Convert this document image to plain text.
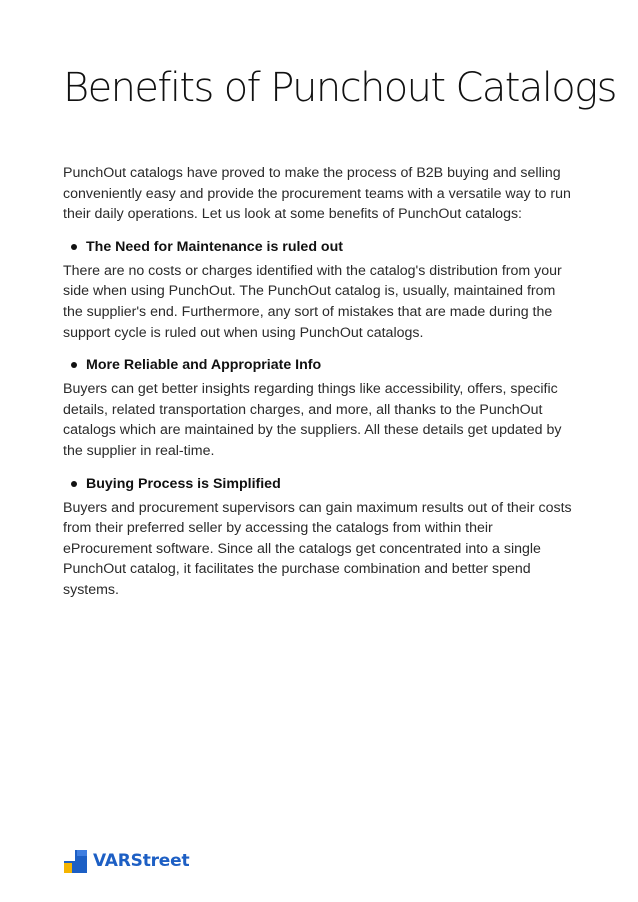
Benefits of Punchout Catalogs

PunchOut catalogs have proved to make the process of B2B buying and selling conveniently easy and provide the procurement teams with a versatile way to run their daily operations. Let us look at some benefits of PunchOut catalogs:

The Need for Maintenance is ruled out

There are no costs or charges identified with the catalog's distribution from your side when using PunchOut. The PunchOut catalog is, usually, maintained from the supplier's end. Furthermore, any sort of mistakes that are made during the support cycle is ruled out when using PunchOut catalogs.

More Reliable and Appropriate Info

Buyers can get better insights regarding things like accessibility, offers, specific details, related transportation charges, and more, all thanks to the PunchOut catalogs which are maintained by the suppliers. All these details get updated by the supplier in real-time.

Buying Process is Simplified

Buyers and procurement supervisors can gain maximum results out of their costs from their preferred seller by accessing the catalogs from within their eProcurement software. Since all the catalogs get concentrated into a single PunchOut catalog, it facilitates the purchase combination and better spend systems.

VARStreet
